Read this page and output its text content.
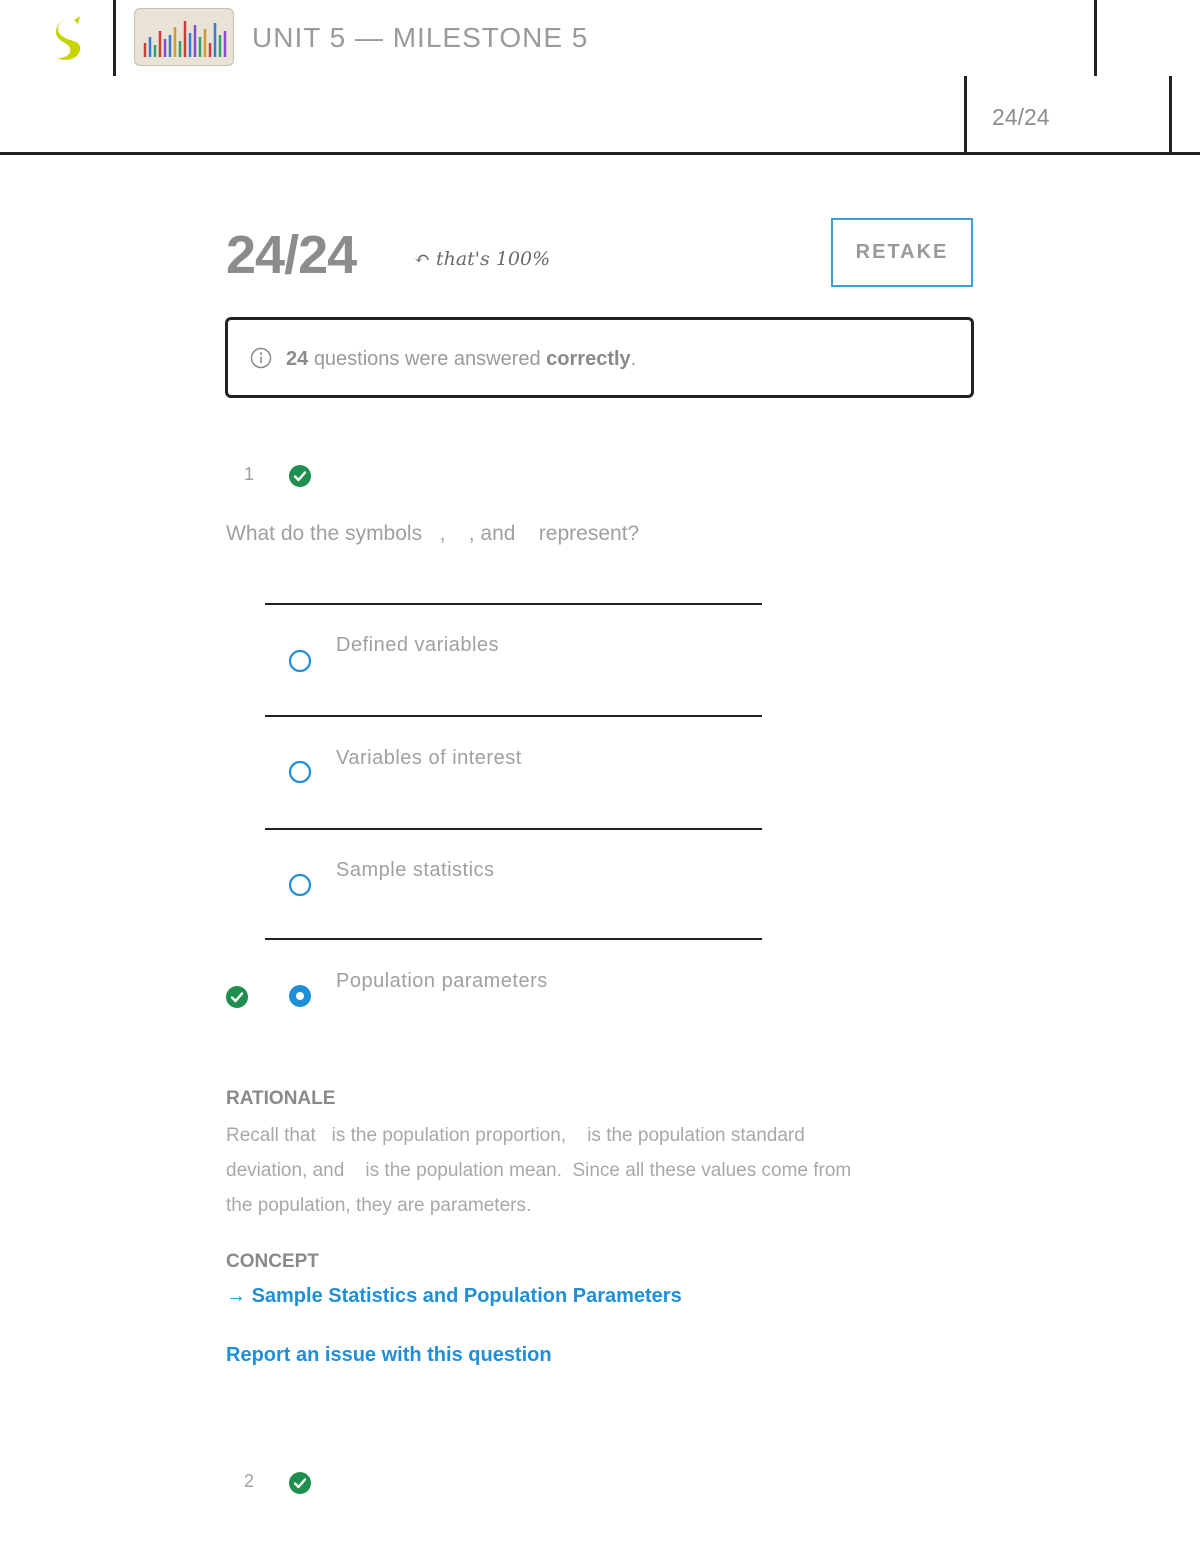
UNIT 5 — MILESTONE 5
24/24
24/24	↶ that's 100%	RETAKE
24 questions were answered correctly.
1
What do the symbols   ,    , and    represent?
Defined variables
Variables of interest
Sample statistics
Population parameters
RATIONALE
Recall that   is the population proportion,    is the population standard
deviation, and    is the population mean.  Since all these values come from
the population, they are parameters.
CONCEPT
→ Sample Statistics and Population Parameters
Report an issue with this question
2
